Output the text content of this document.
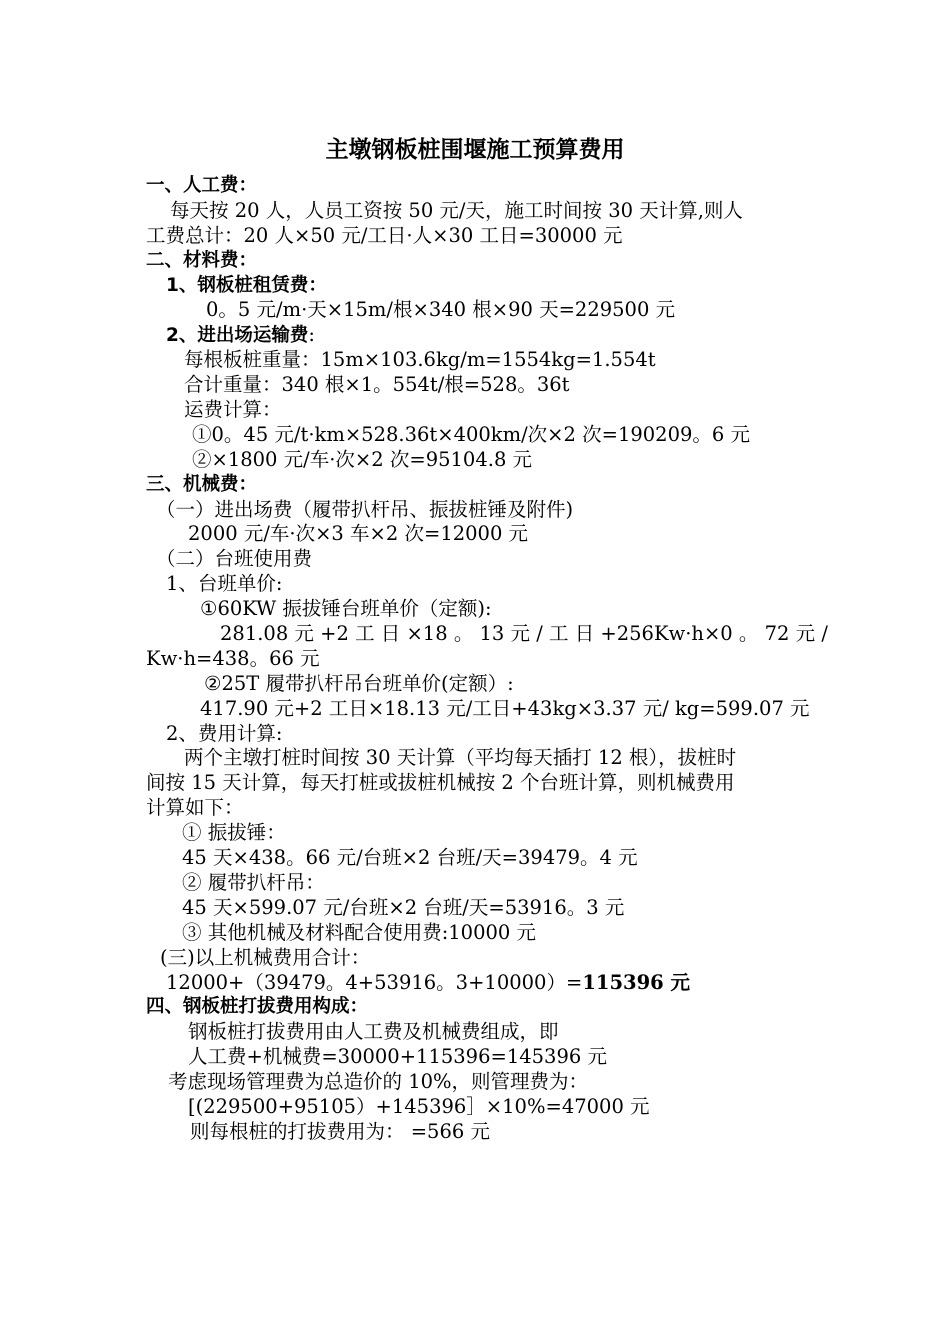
主墩钢板桩围堰施工预算费用
一、人工费：
每天按 20 人，人员工资按 50 元/天，施工时间按 30 天计算,则人
工费总计：20 人×50 元/工日·人×30 工日=30000 元
二、材料费：
1、钢板桩租赁费：
0。5 元/m·天×15m/根×340 根×90 天=229500 元
2、进出场运输费:
每根板桩重量：15m×103.6kg/m=1554kg=1.554t
合计重量：340 根×1。554t/根=528。36t
运费计算：
①0。45 元/t·km×528.36t×400km/次×2 次=190209。6 元
②×1800 元/车·次×2 次=95104.8 元
三、机械费：
（一）进出场费（履带扒杆吊、振拔桩锤及附件)
2000 元/车·次×3 车×2 次=12000 元
（二）台班使用费
1、台班单价:
①60KW 振拔锤台班单价（定额):
281.08 元 +2 工 日 ×18 。 13 元 / 工 日 +256Kw·h×0 。 72 元 /
Kw·h=438。66 元
②25T 履带扒杆吊台班单价(定额）:
417.90 元+2 工日×18.13 元/工日+43kg×3.37 元/ kg=599.07 元
2、费用计算:
两个主墩打桩时间按 30 天计算（平均每天插打 12 根），拔桩时
间按 15 天计算，每天打桩或拔桩机械按 2 个台班计算，则机械费用
计算如下：
① 振拔锤：
45 天×438。66 元/台班×2 台班/天=39479。4 元
② 履带扒杆吊：
45 天×599.07 元/台班×2 台班/天=53916。3 元
③ 其他机械及材料配合使用费:10000 元
(三)以上机械费用合计：
12000+（39479。4+53916。3+10000）=115396 元
四、钢板桩打拔费用构成：
钢板桩打拔费用由人工费及机械费组成，即
人工费+机械费=30000+115396=145396 元
考虑现场管理费为总造价的 10%，则管理费为：
[(229500+95105）+145396］×10%=47000 元
则每根桩的打拔费用为： =566 元
